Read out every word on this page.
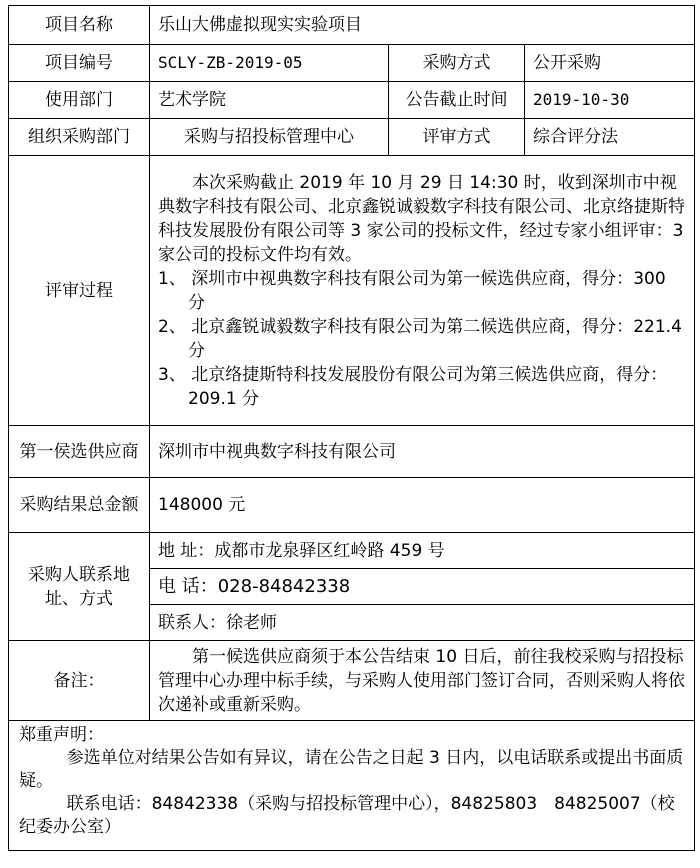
项目名称	乐山大佛虚拟现实实验项目		
项目编号	SCLY-ZB-2019-05	采购方式	公开采购
使用部门	艺术学院	公告截止时间	2019-10-30
组织采购部门	采购与招投标管理中心	评审方式	综合评分法
评审过程	本次采购截止 2019 年 10 月 29 日 14:30 时，收到深圳市中视典数字科技有限公司、北京鑫锐诚毅数字科技有限公司、北京络捷斯特科技发展股份有限公司等 3 家公司的投标文件，经过专家小组评审：3 家公司的投标文件均有效。
1、 深圳市中视典数字科技有限公司为第一候选供应商，得分：300 分
2、 北京鑫锐诚毅数字科技有限公司为第二候选供应商，得分：221.4 分
3、 北京络捷斯特科技发展股份有限公司为第三候选供应商，得分：209.1 分		

第一侯选供应商	深圳市中视典数字科技有限公司		
采购结果总金额	148000 元		
采购人联系地址、方式	地 址：成都市龙泉驿区红岭路 459 号		
	电 话：028-84842338		
	联系人：徐老师		
备注：	第一候选供应商须于本公告结束 10 日后，前往我校采购与招投标管理中心办理中标手续，与采购人使用部门签订合同，否则采购人将依次递补或重新采购。		

郑重声明：
参选单位对结果公告如有异议，请在公告之日起 3 日内，以电话联系或提出书面质疑。
联系电话：84842338（采购与招投标管理中心），84825803　84825007（校纪委办公室）			
